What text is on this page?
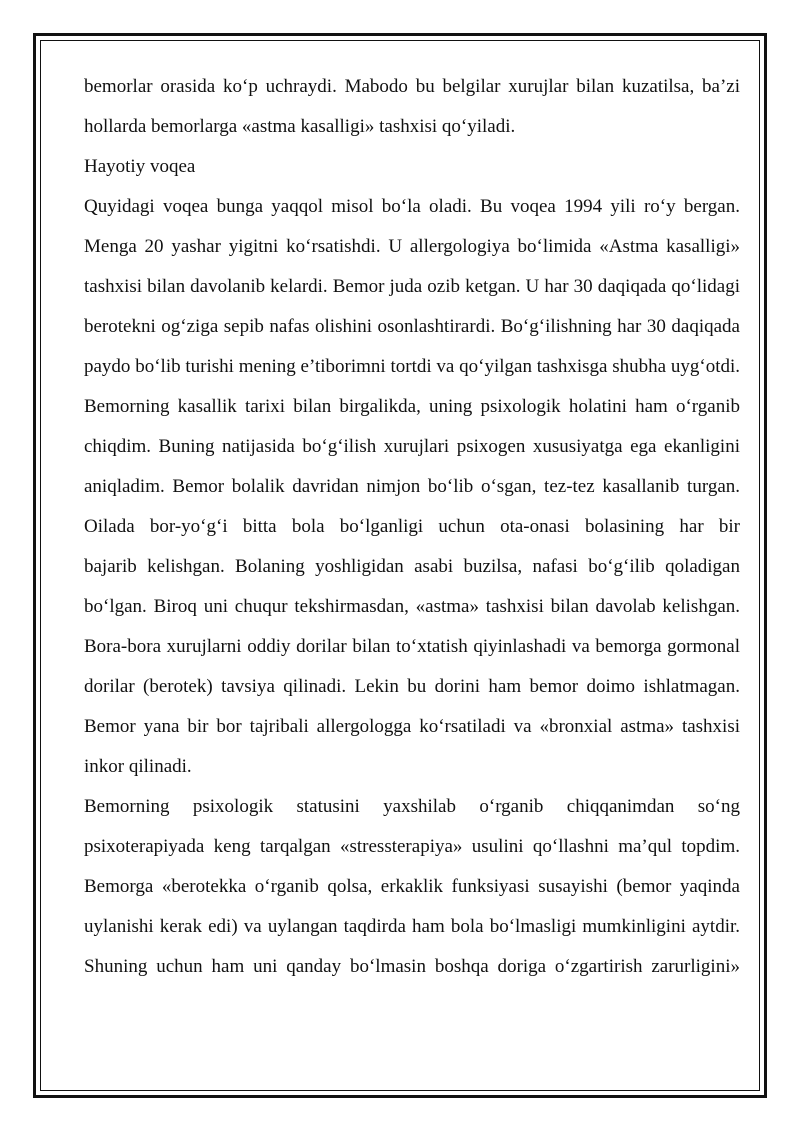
bemorlar orasida ko‘p uchraydi. Mabodo bu belgilar xurujlar bilan kuzatilsa, ba’zi
hollarda bemorlarga «astma kasalligi» tashxisi qo‘yiladi.
Hayotiy voqea
Quyidagi voqea bunga yaqqol misol bo‘la oladi. Bu voqea 1994 yili ro‘y bergan.
Menga 20 yashar yigitni ko‘rsatishdi. U allergologiya bo‘limida «Astma kasalligi»
tashxisi bilan davolanib kelardi. Bemor juda ozib ketgan. U har 30 daqiqada qo‘lidagi
berotekni og‘ziga sepib nafas olishini osonlashtirardi. Bo‘g‘ilishning har 30 daqiqada
paydo bo‘lib turishi mening e’tiborimni tortdi va qo‘yilgan tashxisga shubha uyg‘otdi.
Bemorning kasallik tarixi bilan birgalikda, uning psixologik holatini ham o‘rganib
chiqdim. Buning natijasida bo‘g‘ilish xurujlari psixogen xususiyatga ega ekanligini
aniqladim. Bemor bolalik davridan nimjon bo‘lib o‘sgan, tez-tez kasallanib turgan.
Oilada bor-yo‘g‘i bitta bola bo‘lganligi uchun ota-onasi bolasining har bir
bajarib kelishgan. Bolaning yoshligidan asabi buzilsa, nafasi bo‘g‘ilib qoladigan
bo‘lgan. Biroq uni chuqur tekshirmasdan, «astma» tashxisi bilan davolab kelishgan.
Bora-bora xurujlarni oddiy dorilar bilan to‘xtatish qiyinlashadi va bemorga gormonal
dorilar (berotek) tavsiya qilinadi. Lekin bu dorini ham bemor doimo ishlatmagan.
Bemor yana bir bor tajribali allergologga ko‘rsatiladi va «bronxial astma» tashxisi
inkor qilinadi.
Bemorning psixologik statusini yaxshilab o‘rganib chiqqanimdan so‘ng
psixoterapiyada keng tarqalgan «stressterapiya» usulini qo‘llashni ma’qul topdim.
Bemorga «berotekka o‘rganib qolsa, erkaklik funksiyasi susayishi (bemor yaqinda
uylanishi kerak edi) va uylangan taqdirda ham bola bo‘lmasligi mumkinligini aytdir.
Shuning uchun ham uni qanday bo‘lmasin boshqa doriga o‘zgartirish zarurligini»
